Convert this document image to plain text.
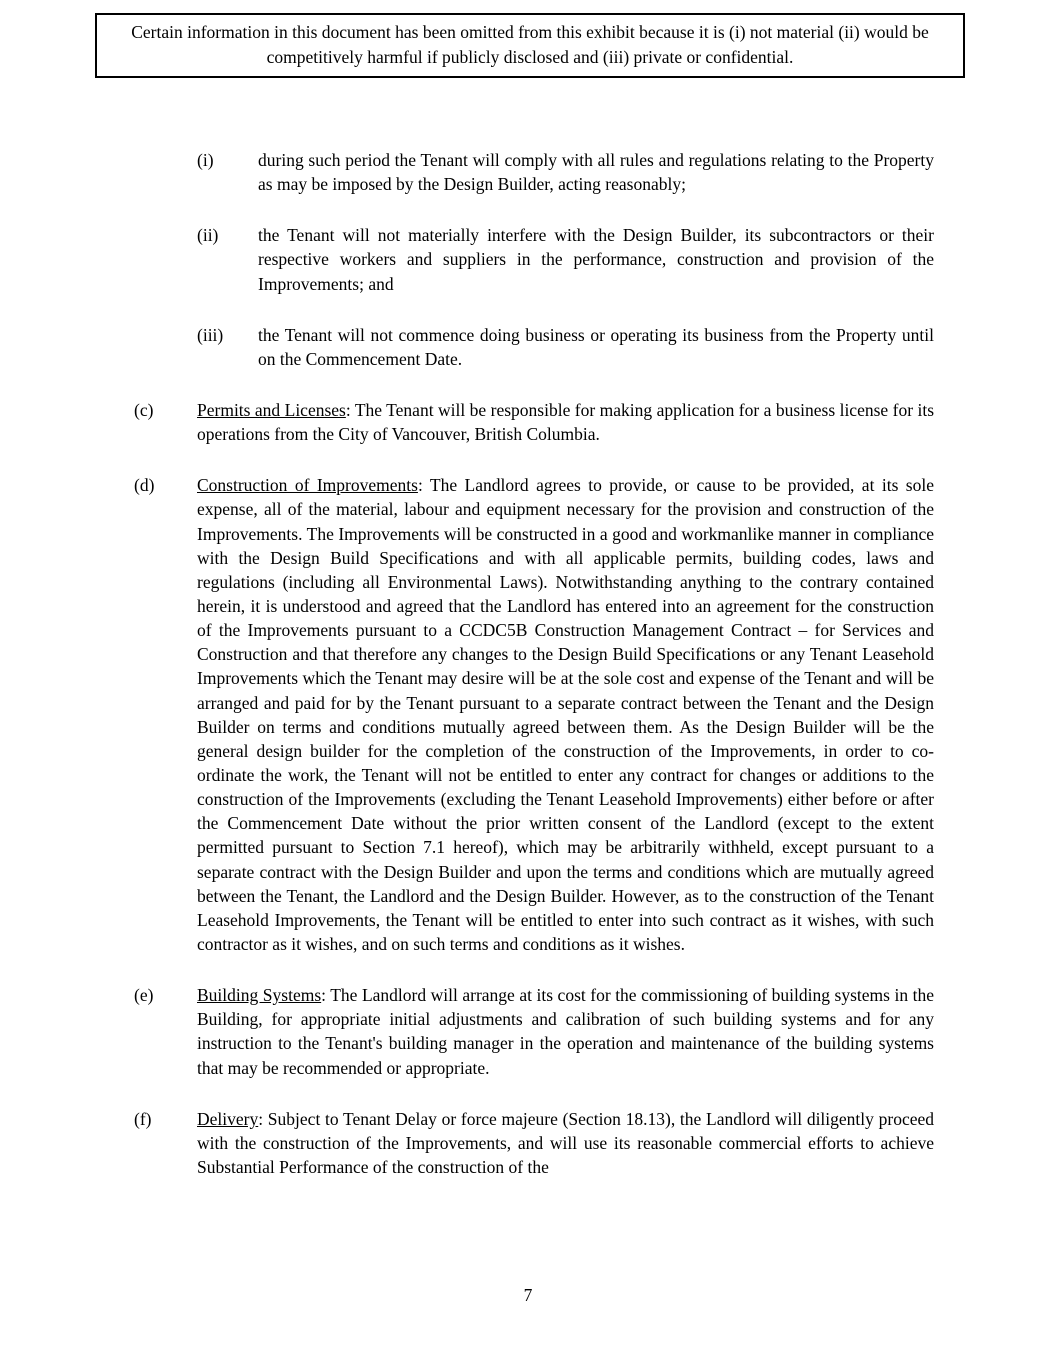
Certain information in this document has been omitted from this exhibit because it is (i) not material (ii) would be competitively harmful if publicly disclosed and (iii) private or confidential.
(i)	during such period the Tenant will comply with all rules and regulations relating to the Property as may be imposed by the Design Builder, acting reasonably;
(ii)	the Tenant will not materially interfere with the Design Builder, its subcontractors or their respective workers and suppliers in the performance, construction and provision of the Improvements; and
(iii)	the Tenant will not commence doing business or operating its business from the Property until on the Commencement Date.
(c)	Permits and Licenses: The Tenant will be responsible for making application for a business license for its operations from the City of Vancouver, British Columbia.
(d)	Construction of Improvements: The Landlord agrees to provide, or cause to be provided, at its sole expense, all of the material, labour and equipment necessary for the provision and construction of the Improvements. The Improvements will be constructed in a good and workmanlike manner in compliance with the Design Build Specifications and with all applicable permits, building codes, laws and regulations (including all Environmental Laws). Notwithstanding anything to the contrary contained herein, it is understood and agreed that the Landlord has entered into an agreement for the construction of the Improvements pursuant to a CCDC5B Construction Management Contract – for Services and Construction and that therefore any changes to the Design Build Specifications or any Tenant Leasehold Improvements which the Tenant may desire will be at the sole cost and expense of the Tenant and will be arranged and paid for by the Tenant pursuant to a separate contract between the Tenant and the Design Builder on terms and conditions mutually agreed between them. As the Design Builder will be the general design builder for the completion of the construction of the Improvements, in order to co-ordinate the work, the Tenant will not be entitled to enter any contract for changes or additions to the construction of the Improvements (excluding the Tenant Leasehold Improvements) either before or after the Commencement Date without the prior written consent of the Landlord (except to the extent permitted pursuant to Section 7.1 hereof), which may be arbitrarily withheld, except pursuant to a separate contract with the Design Builder and upon the terms and conditions which are mutually agreed between the Tenant, the Landlord and the Design Builder. However, as to the construction of the Tenant Leasehold Improvements, the Tenant will be entitled to enter into such contract as it wishes, with such contractor as it wishes, and on such terms and conditions as it wishes.
(e)	Building Systems: The Landlord will arrange at its cost for the commissioning of building systems in the Building, for appropriate initial adjustments and calibration of such building systems and for any instruction to the Tenant's building manager in the operation and maintenance of the building systems that may be recommended or appropriate.
(f)	Delivery: Subject to Tenant Delay or force majeure (Section 18.13), the Landlord will diligently proceed with the construction of the Improvements, and will use its reasonable commercial efforts to achieve Substantial Performance of the construction of the
7
